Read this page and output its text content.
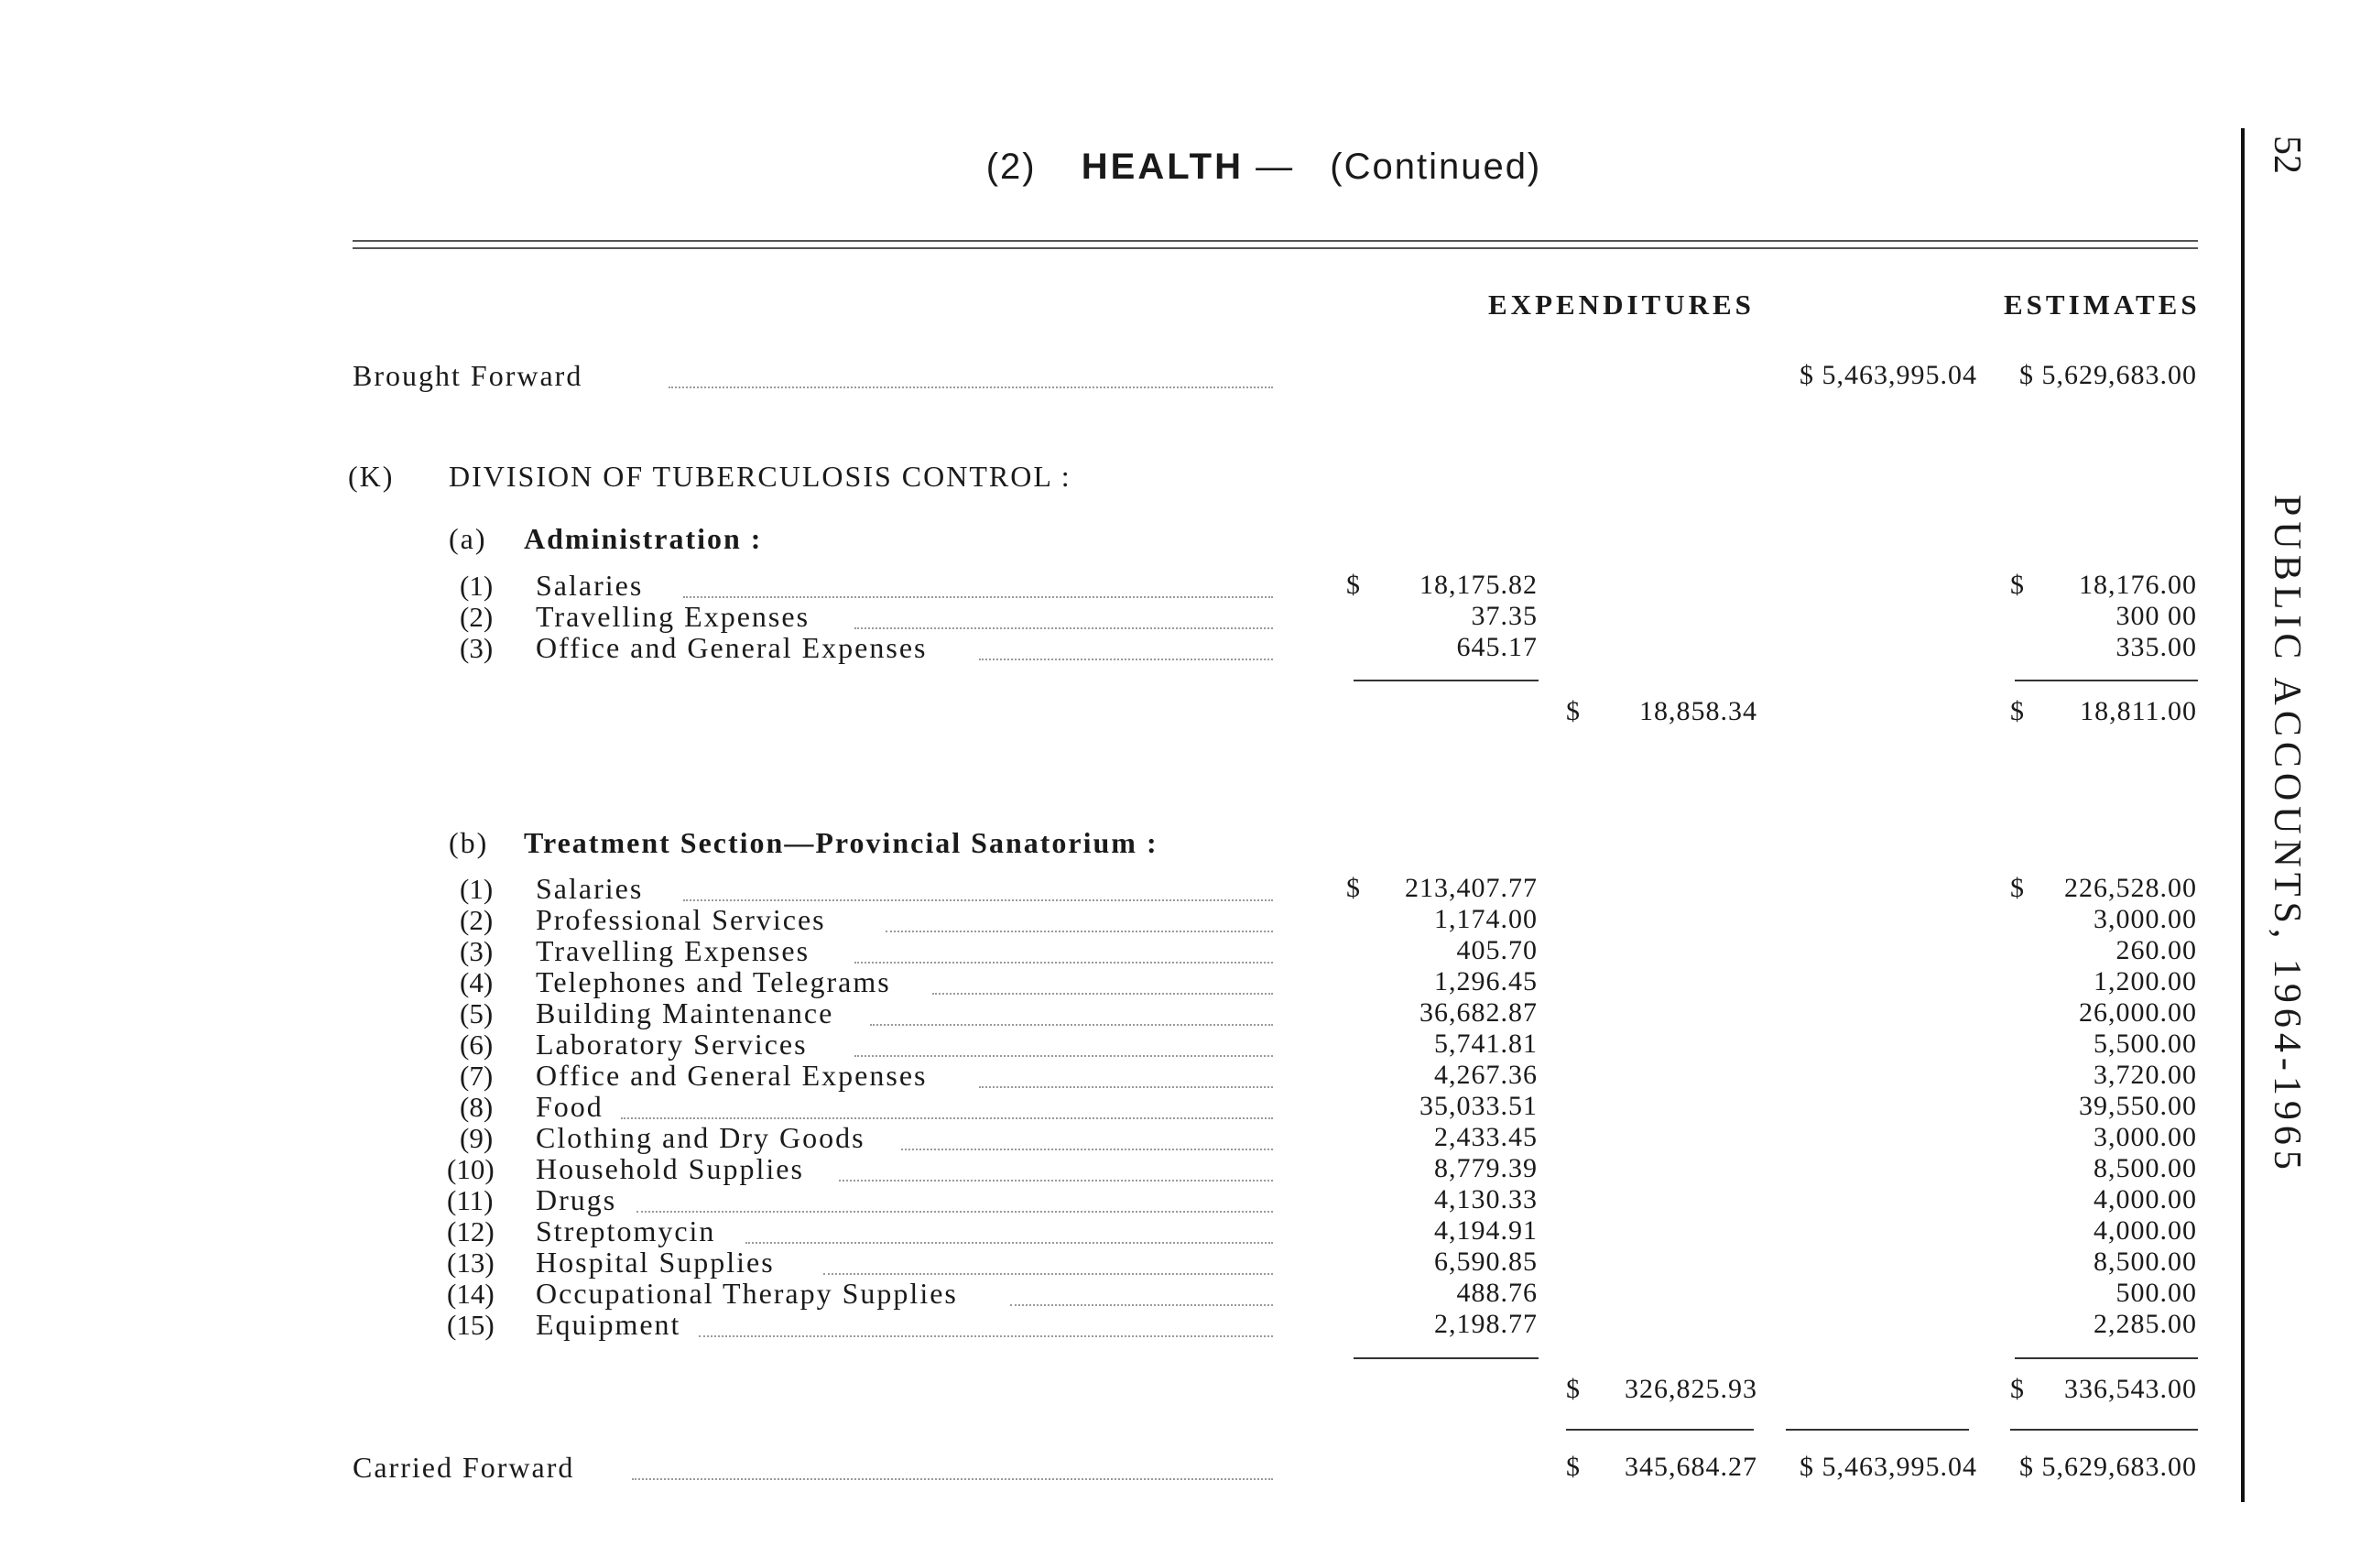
(2) HEALTH — (Continued)
EXPENDITURES	ESTIMATES
Brought Forward	$ 5,463,995.04 $ 5,629,683.00
(K) DIVISION OF TUBERCULOSIS CONTROL :
(a) Administration :
(1) Salaries	$ 18,175.82	$ 18,176.00
(2) Travelling Expenses	37.35	300 00
(3) Office and General Expenses	645.17	335.00
$ 18,858.34	$ 18,811.00
(b) Treatment Section—Provincial Sanatorium :
(1) Salaries	$ 213,407.77	$ 226,528.00
(2) Professional Services	1,174.00	3,000.00
(3) Travelling Expenses	405.70	260.00
(4) Telephones and Telegrams	1,296.45	1,200.00
(5) Building Maintenance	36,682.87	26,000.00
(6) Laboratory Services	5,741.81	5,500.00
(7) Office and General Expenses	4,267.36	3,720.00
(8) Food	35,033.51	39,550.00
(9) Clothing and Dry Goods	2,433.45	3,000.00
(10) Household Supplies	8,779.39	8,500.00
(11) Drugs	4,130.33	4,000.00
(12) Streptomycin	4,194.91	4,000.00
(13) Hospital Supplies	6,590.85	8,500.00
(14) Occupational Therapy Supplies	488.76	500.00
(15) Equipment	2,198.77	2,285.00
$ 326,825.93	$ 336,543.00
Carried Forward	$ 345,684.27 $ 5,463,995.04 $ 5,629,683.00
52
PUBLIC ACCOUNTS, 1964-1965
